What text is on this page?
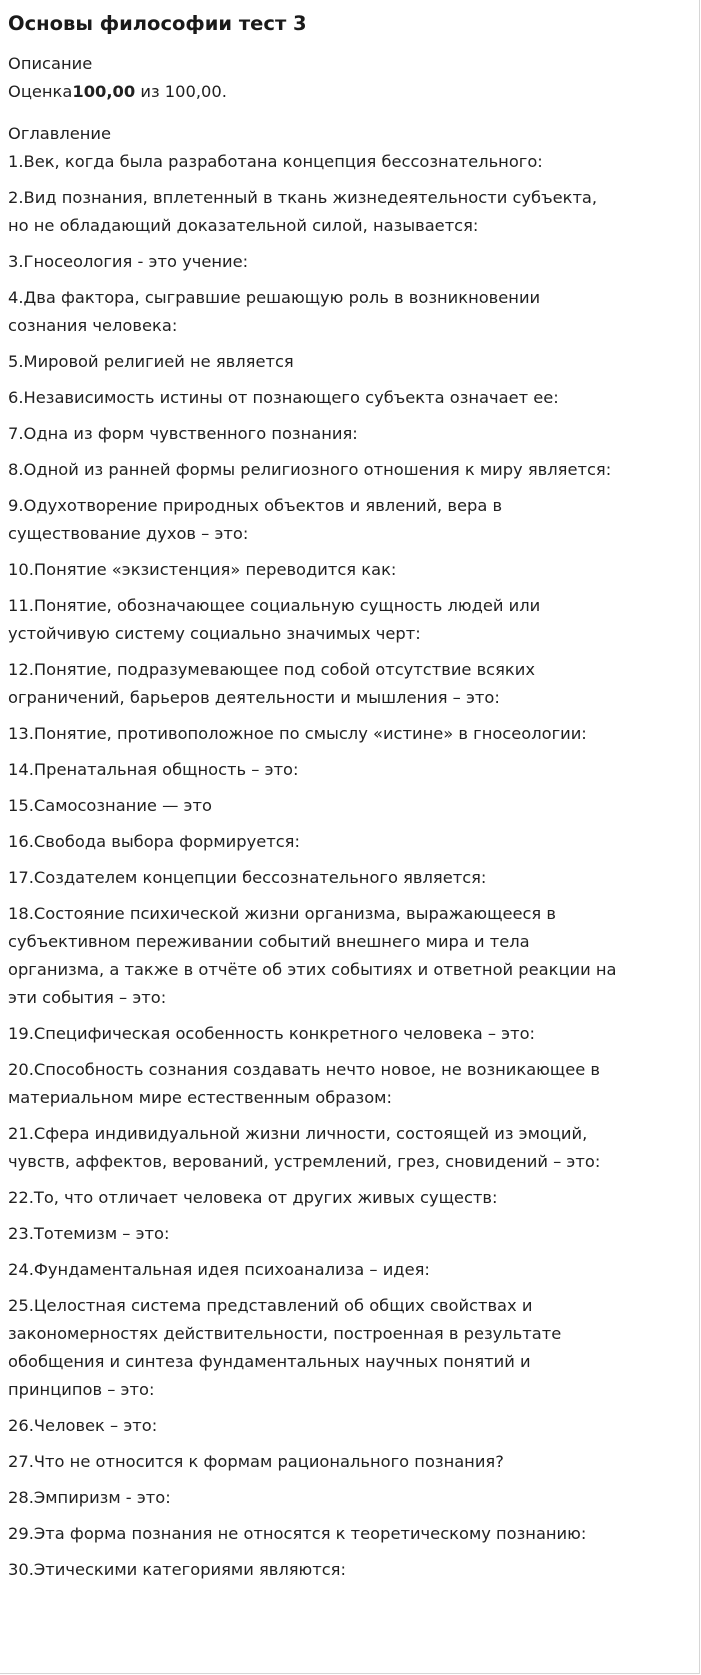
Основы философии тест 3
Описание
Оценка100,00 из 100,00.
Оглавление
1.Век, когда была разработана концепция бессознательного:
2.Вид познания, вплетенный в ткань жизнедеятельности субъекта,
но не обладающий доказательной силой, называется:
3.Гносеология - это учение:
4.Два фактора, сыгравшие решающую роль в возникновении
сознания человека:
5.Мировой религией не является
6.Независимость истины от познающего субъекта означает ее:
7.Одна из форм чувственного познания:
8.Одной из ранней формы религиозного отношения к миру является:
9.Одухотворение природных объектов и явлений, вера в
существование духов – это:
10.Понятие «экзистенция» переводится как:
11.Понятие, обозначающее социальную сущность людей или
устойчивую систему социально значимых черт:
12.Понятие, подразумевающее под собой отсутствие всяких
ограничений, барьеров деятельности и мышления – это:
13.Понятие, противоположное по смыслу «истине» в гносеологии:
14.Пренатальная общность – это:
15.Самосознание — это
16.Свобода выбора формируется:
17.Создателем концепции бессознательного является:
18.Состояние психической жизни организма, выражающееся в
субъективном переживании событий внешнего мира и тела
организма, а также в отчёте об этих событиях и ответной реакции на
эти события – это:
19.Специфическая особенность конкретного человека – это:
20.Способность сознания создавать нечто новое, не возникающее в
материальном мире естественным образом:
21.Сфера индивидуальной жизни личности, состоящей из эмоций,
чувств, аффектов, верований, устремлений, грез, сновидений – это:
22.То, что отличает человека от других живых существ:
23.Тотемизм – это:
24.Фундаментальная идея психоанализа – идея:
25.Целостная система представлений об общих свойствах и
закономерностях действительности, построенная в результате
обобщения и синтеза фундаментальных научных понятий и
принципов – это:
26.Человек – это:
27.Что не относится к формам рационального познания?
28.Эмпиризм - это:
29.Эта форма познания не относятся к теоретическому познанию:
30.Этическими категориями являются:
